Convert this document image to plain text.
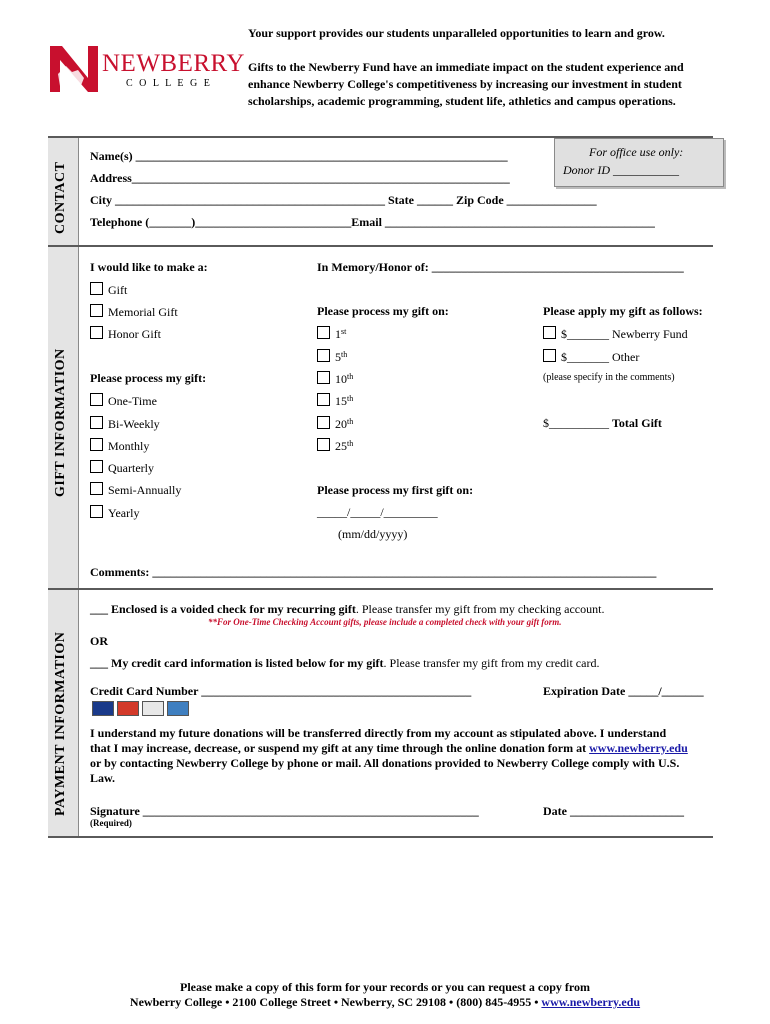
NEWBERRY
C O L L E G E
Your support provides our students unparalleled opportunities to learn and grow.
Gifts to the Newberry Fund have an immediate impact on the student experience and
enhance Newberry College's competitiveness by increasing our investment in student
scholarships, academic programming, student life, athletics and campus operations.
CONTACT
GIFT INFORMATION
PAYMENT INFORMATION
For office use only:
Donor ID ___________
Name(s) ______________________________________________________________
Address_______________________________________________________________
City _____________________________________________ State ______ Zip Code _______________
Telephone (_______)__________________________Email _____________________________________________
I would like to make a:	In Memory/Honor of: __________________________________________
Gift
Memorial Gift
Honor Gift
Please process my gift:
One-Time
Bi-Weekly
Monthly
Quarterly
Semi-Annually
Yearly
Please process my gift on:
1st
5th
10th
15th
20th
25th
Please apply my gift as follows:
$_______ Newberry Fund
$_______ Other
(please specify in the comments)
$__________ Total Gift
Please process my first gift on:
_____/_____/_________
(mm/dd/yyyy)
Comments: ____________________________________________________________________________________
___ Enclosed is a voided check for my recurring gift. Please transfer my gift from my checking account.
**For One-Time Checking Account gifts, please include a completed check with your gift form.
OR
___ My credit card information is listed below for my gift. Please transfer my gift from my credit card.
Credit Card Number _____________________________________________	Expiration Date _____/_______
I understand my future donations will be transferred directly from my account as stipulated above. I understand
that I may increase, decrease, or suspend my gift at any time through the online donation form at www.newberry.edu
or by contacting Newberry College by phone or mail. All donations provided to Newberry College comply with U.S.
Law.
Signature ________________________________________________________	Date ___________________
(Required)
Please make a copy of this form for your records or you can request a copy from
Newberry College • 2100 College Street • Newberry, SC 29108 • (800) 845-4955 • www.newberry.edu
